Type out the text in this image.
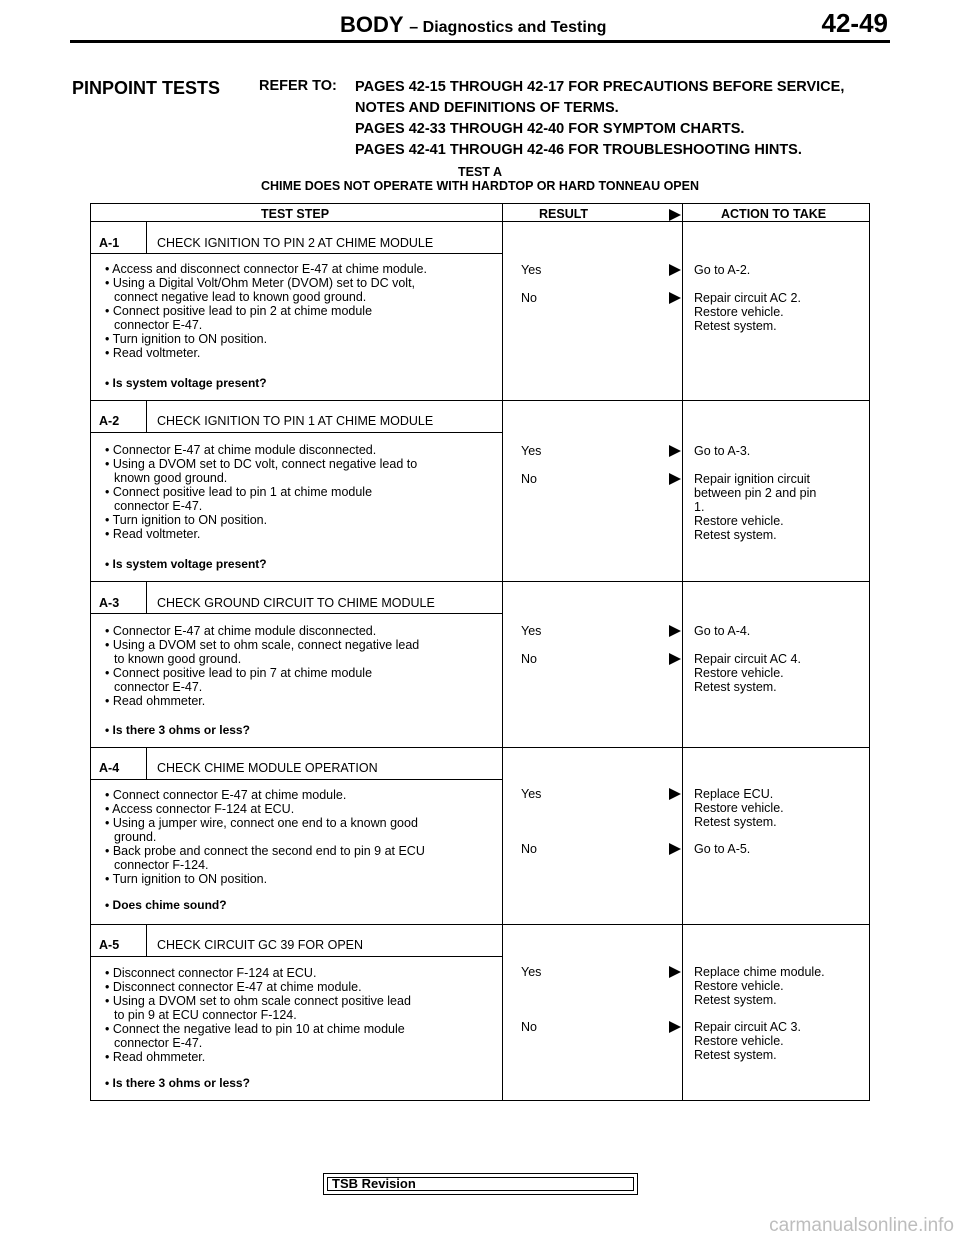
BODY – Diagnostics and Testing	42-49
PINPOINT TESTS	REFER TO: PAGES 42-15 THROUGH 42-17 FOR PRECAUTIONS BEFORE SERVICE,
NOTES AND DEFINITIONS OF TERMS.
PAGES 42-33 THROUGH 42-40 FOR SYMPTOM CHARTS.
PAGES 42-41 THROUGH 42-46 FOR TROUBLESHOOTING HINTS.
TEST A
CHIME DOES NOT OPERATE WITH HARDTOP OR HARD TONNEAU OPEN
TEST STEP	RESULT	ACTION TO TAKE
A-1	CHECK IGNITION TO PIN 2 AT CHIME MODULE
• Access and disconnect connector E-47 at chime module.
• Using a Digital Volt/Ohm Meter (DVOM) set to DC volt,
connect negative lead to known good ground.
• Connect positive lead to pin 2 at chime module
connector E-47.
• Turn ignition to ON position.
• Read voltmeter.
• Is system voltage present?
Yes	Go to A-2.
No	Repair circuit AC 2.
Restore vehicle.
Retest system.
A-2	CHECK IGNITION TO PIN 1 AT CHIME MODULE
• Connector E-47 at chime module disconnected.
• Using a DVOM set to DC volt, connect negative lead to
known good ground.
• Connect positive lead to pin 1 at chime module
connector E-47.
• Turn ignition to ON position.
• Read voltmeter.
• Is system voltage present?
Yes	Go to A-3.
No	Repair ignition circuit
between pin 2 and pin
1.
Restore vehicle.
Retest system.
A-3	CHECK GROUND CIRCUIT TO CHIME MODULE
• Connector E-47 at chime module disconnected.
• Using a DVOM set to ohm scale, connect negative lead
to known good ground.
• Connect positive lead to pin 7 at chime module
connector E-47.
• Read ohmmeter.
• Is there 3 ohms or less?
Yes	Go to A-4.
No	Repair circuit AC 4.
Restore vehicle.
Retest system.
A-4	CHECK CHIME MODULE OPERATION
• Connect connector E-47 at chime module.
• Access connector F-124 at ECU.
• Using a jumper wire, connect one end to a known good
ground.
• Back probe and connect the second end to pin 9 at ECU
connector F-124.
• Turn ignition to ON position.
• Does chime sound?
Yes	Replace ECU.
Restore vehicle.
Retest system.
No	Go to A-5.
A-5	CHECK CIRCUIT GC 39 FOR OPEN
• Disconnect connector F-124 at ECU.
• Disconnect connector E-47 at chime module.
• Using a DVOM set to ohm scale connect positive lead
to pin 9 at ECU connector F-124.
• Connect the negative lead to pin 10 at chime module
connector E-47.
• Read ohmmeter.
• Is there 3 ohms or less?
Yes	Replace chime module.
Restore vehicle.
Retest system.
No	Repair circuit AC 3.
Restore vehicle.
Retest system.
TSB Revision
carmanualsonline.info
